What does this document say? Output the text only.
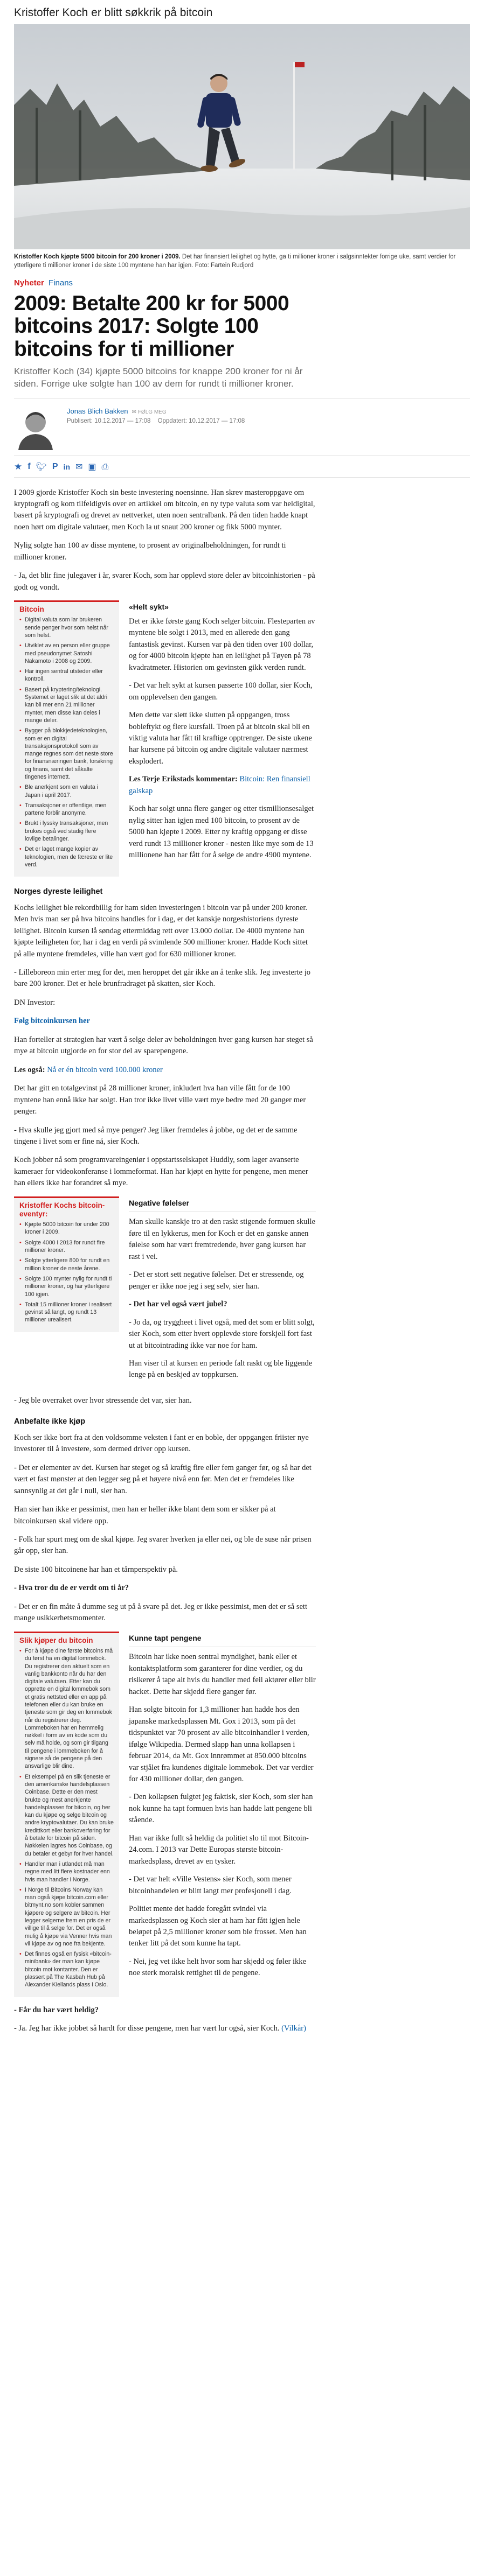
Kristoffer Koch er blitt søkkrik på bitcoin
Kristoffer Koch kjøpte 5000 bitcoin for 200 kroner i 2009. Det har finansiert leilighet og hytte, ga ti millioner kroner i salgsinntekter forrige uke, samt verdier for ytterligere ti millioner kroner i de siste 100 myntene han har igjen. Foto: Fartein Rudjord
Nyheter Finans
2009: Betalte 200 kr for 5000 bitcoins 2017: Solgte 100 bitcoins for ti millioner

Kristoffer Koch (34) kjøpte 5000 bitcoins for knappe 200 kroner for ni år siden. Forrige uke solgte han 100 av dem for rundt ti millioner kroner.

Jonas Blich Bakken ✉ FØLG MEG
Publisert: 10.12.2017 — 17:08 Oppdatert: 10.12.2017 — 17:08
★ f 🐦︎ P in ✉ ▣ ⎙

I 2009 gjorde Kristoffer Koch sin beste investering noensinne. Han skrev masteroppgave om kryptografi og kom tilfeldigvis over en artikkel om bitcoin, en ny type valuta som var heldigital, basert på kryptografi og drevet av nettverket, uten noen sentralbank. På den tiden hadde knapt noen hørt om digitale valutaer, men Koch la ut snaut 200 kroner og fikk 5000 mynter.

Nylig solgte han 100 av disse myntene, to prosent av originalbeholdningen, for rundt ti millioner kroner.

- Ja, det blir fine julegaver i år, svarer Koch, som har opplevd store deler av bitcoinhistorien - på godt og vondt.

Bitcoin
• Digital valuta som lar brukeren sende penger hvor som helst når som helst.
• Utviklet av en person eller gruppe med pseudonymet Satoshi Nakamoto i 2008 og 2009.
• Har ingen sentral utsteder eller kontroll.
• Basert på kryptering/teknologi. Systemet er laget slik at det aldri kan bli mer enn 21 millioner mynter, men disse kan deles i mange deler.
• Bygger på blokkjedeteknologien, som er en digital transaksjonsprotokoll som av mange regnes som det neste store for finansnæringen bank, forsikring og finans, samt det såkalte tingenes internett.
• Ble anerkjent som en valuta i Japan i april 2017.
• Transaksjoner er offentlige, men partene forblir anonyme.
• Brukt i lyssky transaksjoner, men brukes også ved stadig flere lovlige betalinger.
• Det er laget mange kopier av teknologien, men de færeste er lite verd.
«Helt sykt»

Det er ikke første gang Koch selger bitcoin. Flesteparten av myntene ble solgt i 2013, med en allerede den gang fantastisk gevinst. Kursen var på den tiden over 100 dollar, og for 4000 bitcoin kjøpte han en leilighet på Tøyen på 78 kvadratmeter. Historien om gevinsten gikk verden rundt.

- Det var helt sykt at kursen passerte 100 dollar, sier Koch, om opplevelsen den gangen.

Men dette var slett ikke slutten på oppgangen, tross bobleftykt og flere kursfall. Troen på at bitcoin skal bli en viktig valuta har fått til kraftige opptrenger. De siste ukene har kursene på bitcoin og andre digitale valutaer nærmest eksplodert.

Les Terje Erikstads kommentar: Bitcoin: Ren finansiell galskap

Koch har solgt unna flere ganger og etter tismillionsesalget nylig sitter han igjen med 100 bitcoin, to prosent av de 5000 han kjøpte i 2009. Etter ny kraftig oppgang er disse verd rundt 13 millioner kroner - nesten like mye som de 13 millionene han har fått for å selge de andre 4900 myntene.

Norges dyreste leilighet

Kochs leilighet ble rekordbillig for ham siden investeringen i bitcoin var på under 200 kroner. Men hvis man ser på hva bitcoins handles for i dag, er det kanskje norgeshistoriens dyreste leilighet. Bitcoin kursen lå søndag ettermiddag rett over 13.000 dollar. De 4000 myntene han kjøpte leiligheten for, har i dag en verdi på svimlende 500 millioner kroner. Hadde Koch sittet på alle myntene fremdeles, ville han vært god for 630 millioner kroner.

- Lilleboreon min erter meg for det, men heroppet det går ikke an å tenke slik. Jeg investerte jo bare 200 kroner. Det er hele brunfradraget på skatten, sier Koch.

DN Investor:

Følg bitcoinkursen her

Han forteller at strategien har vært å selge deler av beholdningen hver gang kursen har steget så mye at bitcoin utgjorde en for stor del av sparepengene.

Les også: Nå er én bitcoin verd 100.000 kroner

Det har gitt en totalgevinst på 28 millioner kroner, inkludert hva han ville fått for de 100 myntene han ennå ikke har solgt. Han tror ikke livet ville vært mye bedre med 20 ganger mer penger.

- Hva skulle jeg gjort med så mye penger? Jeg liker fremdeles å jobbe, og det er de samme tingene i livet som er fine nå, sier Koch.

Koch jobber nå som programvareingeniør i oppstartsselskapet Huddly, som lager avanserte kameraer for videokonferanse i lommeformat. Han har kjøpt en hytte for pengene, men mener han ellers ikke har forandret så mye.

Kristoffer Kochs bitcoin-eventyr:
• Kjøpte 5000 bitcoin for under 200 kroner i 2009.
• Solgte 4000 i 2013 for rundt fire millioner kroner.
• Solgte ytterligere 800 for rundt en million kroner de neste årene.
• Solgte 100 mynter nylig for rundt ti millioner kroner, og har ytterligere 100 igjen.
• Totalt 15 millioner kroner i realisert gevinst så langt, og rundt 13 millioner urealisert.
Negative følelser

Man skulle kanskje tro at den raskt stigende formuen skulle føre til en lykkerus, men for Koch er det en ganske annen følelse som har vært fremtredende, hver gang kursen har rast i vei.

- Det er stort sett negative følelser. Det er stressende, og penger er ikke noe jeg i seg selv, sier han.

- Det har vel også vært jubel?

- Jo da, og tryggheet i livet også, med det som er blitt solgt, sier Koch, som etter hvert opplevde store forskjell fort fast ut at bitcointrading ikke var noe for ham.

Han viser til at kursen en periode falt raskt og ble liggende lenge på en beskjed av toppkursen.

- Jeg ble overraket over hvor stressende det var, sier han.

Anbefalte ikke kjøp

Koch ser ikke bort fra at den voldsomme veksten i fant er en boble, der oppgangen friister nye investorer til å investere, som dermed driver opp kursen.

- Det er elementer av det. Kursen har steget og så kraftig fire eller fem ganger før, og så har det vært et fast mønster at den legger seg på et høyere nivå enn før. Men det er fremdeles like sannsynlig at det går i null, sier han.

Han sier han ikke er pessimist, men han er heller ikke blant dem som er sikker på at bitcoinkursen skal videre opp.

- Folk har spurt meg om de skal kjøpe. Jeg svarer hverken ja eller nei, og ble de suse når prisen går opp, sier han.

De siste 100 bitcoinene har han et tårnperspektiv på.

- Hva tror du de er verdt om ti år?

- Det er en fin måte å dumme seg ut på å svare på det. Jeg er ikke pessimist, men det er så sett mange usikkerhetsmomenter.

Slik kjøper du bitcoin
• For å kjøpe dine første bitcoins må du først ha en digital lommebok. Du registrerer den aktuelt som en vanlig bankkonto når du har den digitale valutaen. Etter kan du opprette en digital lommebok som et gratis nettsted eller en app på telefonen eller du kan bruke en tjeneste som gir deg en lommebok når du registrerer deg. Lommeboken har en hemmelig nøkkel i form av en kode som du selv må holde, og som gir tilgang til pengene i lommeboken for å signere så de pengene på den ansvarlige blir dine.
• Et eksempel på en slik tjeneste er den amerikanske handelsplassen Coinbase. Dette er den mest brukte og mest anerkjente handelsplassen for bitcoin, og her kan du kjøpe og selge bitcoin og andre kryptovalutaer. Du kan bruke kredittkort eller bankoverføring for å betale for bitcoin på siden. Nøkkelen lagres hos Coinbase, og du betaler et gebyr for hver handel.
• Handler man i utlandet må man regne med litt flere kostnader enn hvis man handler i Norge.
• I Norge til Bitcoins Norway kan man også kjøpe bitcoin.com eller bitmynt.no som kobler sammen kjøpere og selgere av bitcoin. Her legger selgerne frem en pris de er villige til å selge for. Det er også mulig å kjøpe via Venner hvis man vil kjøpe av og noe fra bekjente.
• Det finnes også en fysisk «bitcoin-minibank» der man kan kjøpe bitcoin mot kontanter. Den er plassert på The Kasbah Hub på Alexander Kiellands plass i Oslo.
Kunne tapt pengene

Bitcoin har ikke noen sentral myndighet, bank eller et kontaktsplatform som garanterer for dine verdier, og du risikerer å tape alt hvis du handler med feil aktører eller blir hacket. Dette har skjedd flere ganger før.

Han solgte bitcoin for 1,3 millioner han hadde hos den japanske markedsplassen Mt. Gox i 2013, som på det tidspunktet var 70 prosent av alle bitcoinhandler i verden, ifølge Wikipedia. Dermed slapp han unna kollapsen i februar 2014, da Mt. Gox innrømmet at 850.000 bitcoins var stjålet fra kundenes digitale lommebok. Det var verdier for 430 millioner dollar, den gangen.

- Den kollapsen fulgtet jeg faktisk, sier Koch, som sier han nok kunne ha tapt formuen hvis han hadde latt pengene bli stående.

Han var ikke fullt så heldig da politiet slo til mot Bitcoin-24.com. I 2013 var Dette Europas største bitcoin-markedsplass, drevet av en tysker.

- Det var helt «Ville Vestens» sier Koch, som mener bitcoinhandelen er blitt langt mer profesjonell i dag.

Politiet mente det hadde foregått svindel via markedsplassen og Koch sier at ham har fått igjen hele beløpet på 2,5 millioner kroner som ble frosset. Men han tenker litt på det som kunne ha tapt.

- Nei, jeg vet ikke helt hvor som har skjedd og føler ikke noe sterk moralsk rettighet til de pengene.

- Får du har vært heldig?

- Ja. Jeg har ikke jobbet så hardt for disse pengene, men har vært lur også, sier Koch. (Vilkår)
